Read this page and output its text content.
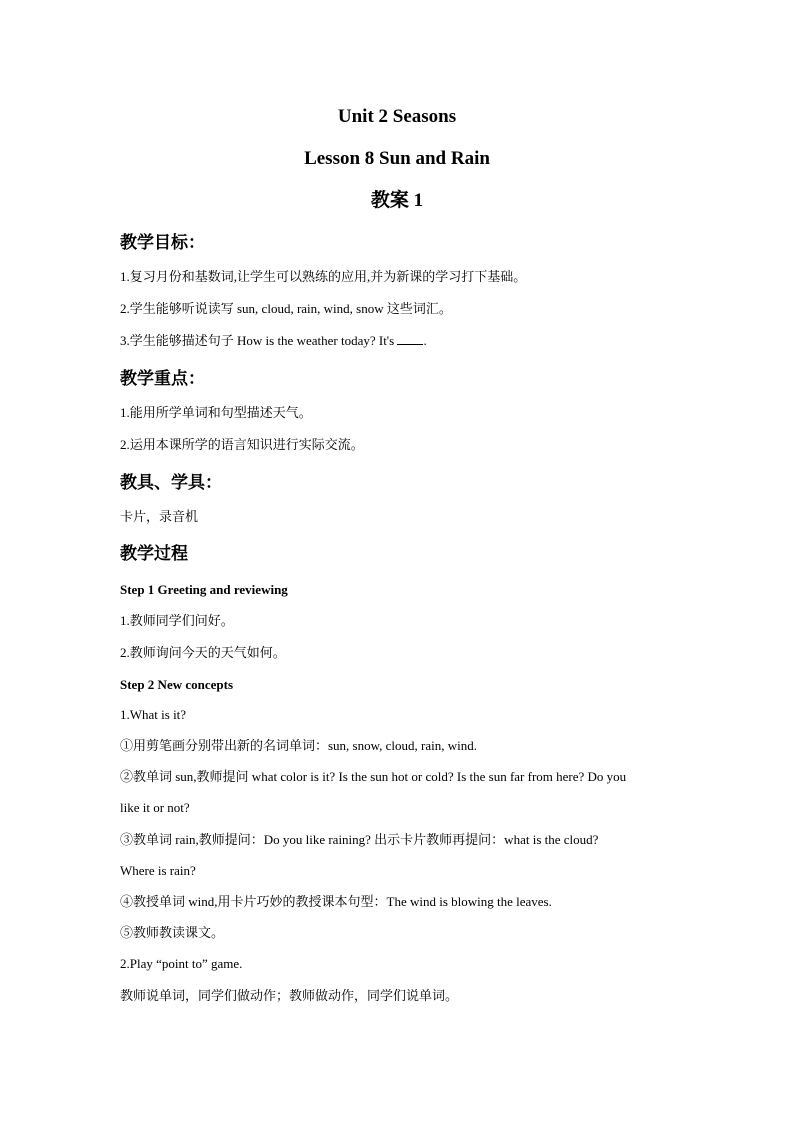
Unit 2 Seasons
Lesson 8 Sun and Rain
教案 1
教学目标：
1.复习月份和基数词,让学生可以熟练的应用,并为新课的学习打下基础。
2.学生能够听说读写 sun, cloud, rain, wind, snow 这些词汇。
3.学生能够描述句子 How is the weather today? It's .
教学重点：
1.能用所学单词和句型描述天气。
2.运用本课所学的语言知识进行实际交流。
教具、学具：
卡片，录音机
教学过程
Step 1 Greeting and reviewing
1.教师同学们问好。
2.教师询问今天的天气如何。
Step 2 New concepts
1.What is it?
①用剪笔画分别带出新的名词单词：sun, snow, cloud, rain, wind.
②教单词 sun,教师提问 what color is it? Is the sun hot or cold? Is the sun far from here? Do you
like it or not?
③教单词 rain,教师提问：Do you like raining? 出示卡片教师再提问：what is the cloud?
Where is rain?
④教授单词 wind,用卡片巧妙的教授课本句型：The wind is blowing the leaves.
⑤教师教读课文。
2.Play “point to” game.
教师说单词，同学们做动作；教师做动作，同学们说单词。
